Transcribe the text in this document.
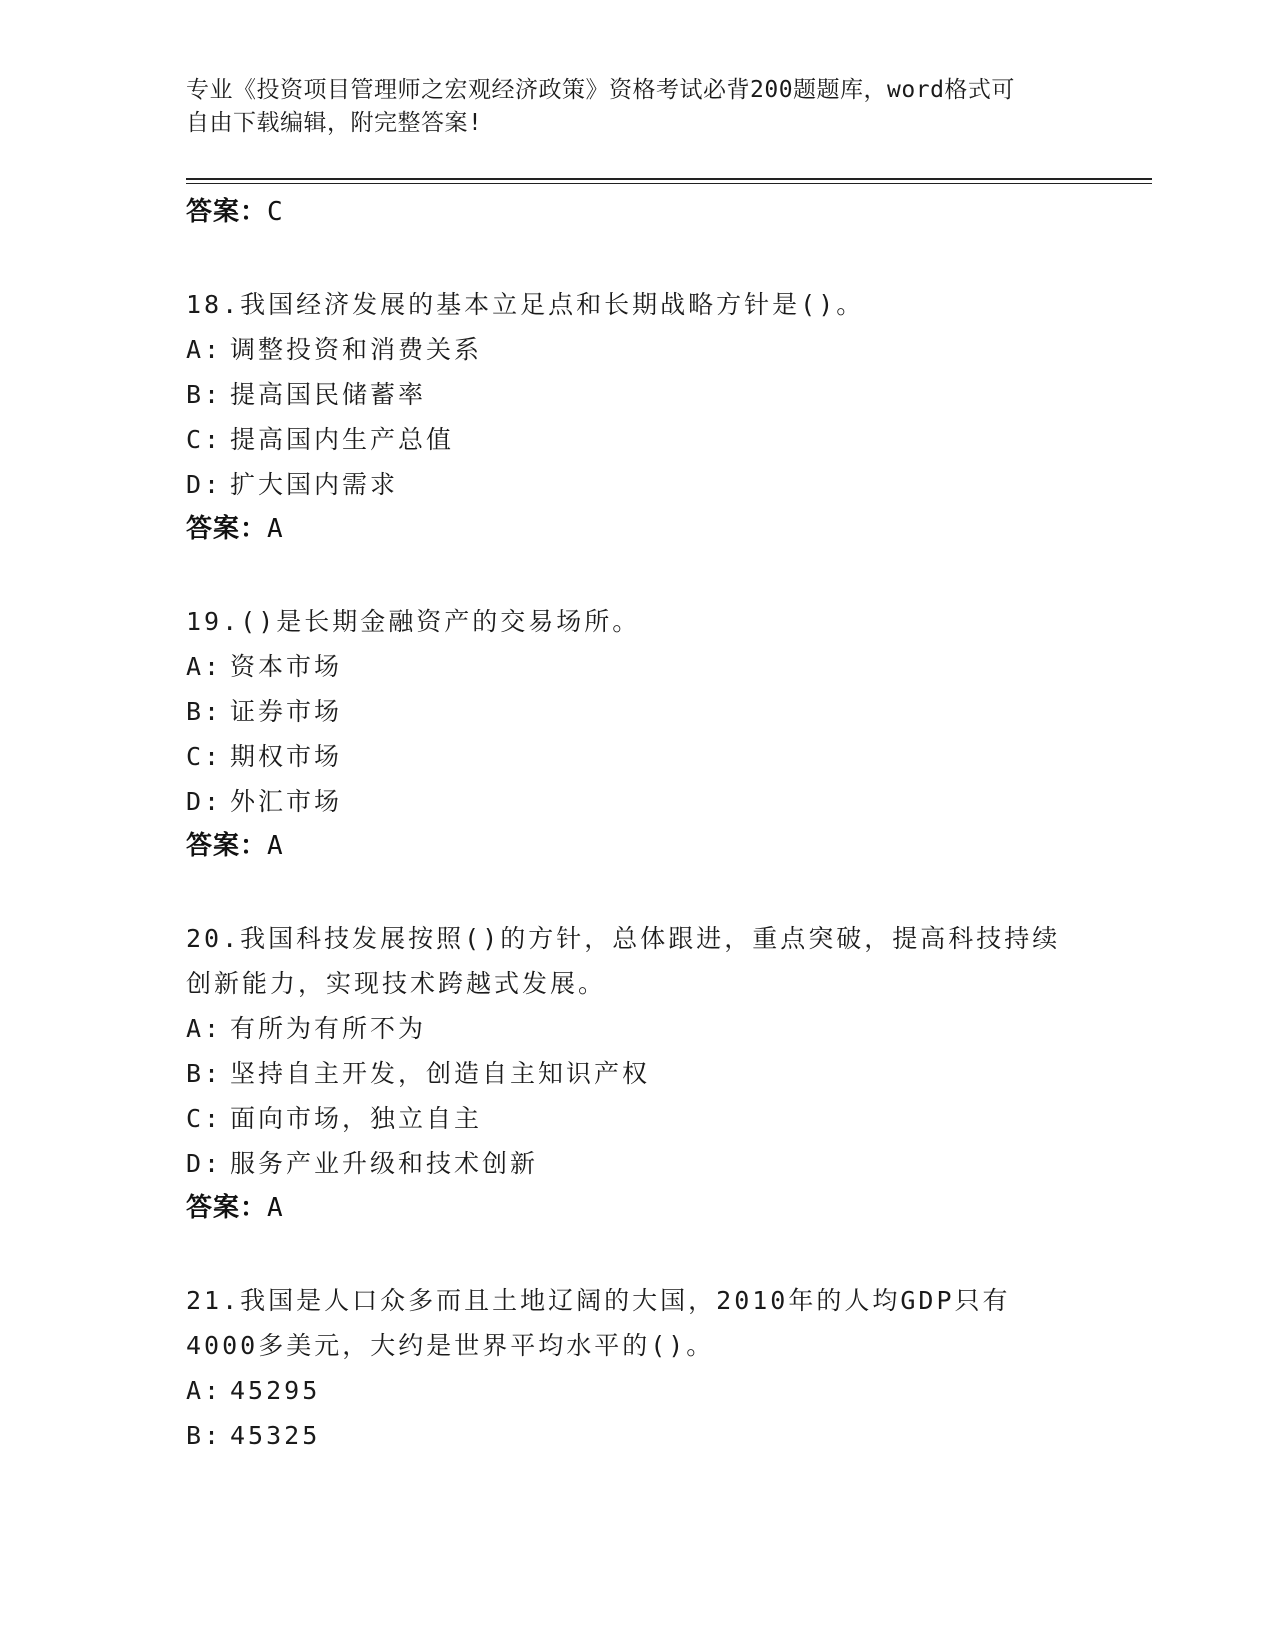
专业《投资项目管理师之宏观经济政策》资格考试必背200题题库，word格式可
自由下载编辑，附完整答案!
答案：C
18.我国经济发展的基本立足点和长期战略方针是()。
A: 调整投资和消费关系
B: 提高国民储蓄率
C: 提高国内生产总值
D: 扩大国内需求
答案：A
19.()是长期金融资产的交易场所。
A: 资本市场
B: 证券市场
C: 期权市场
D: 外汇市场
答案：A
20.我国科技发展按照()的方针，总体跟进，重点突破，提高科技持续
创新能力，实现技术跨越式发展。
A: 有所为有所不为
B: 坚持自主开发，创造自主知识产权
C: 面向市场，独立自主
D: 服务产业升级和技术创新
答案：A
21.我国是人口众多而且土地辽阔的大国，2010年的人均GDP只有
4000多美元，大约是世界平均水平的()。
A: 45295
B: 45325
